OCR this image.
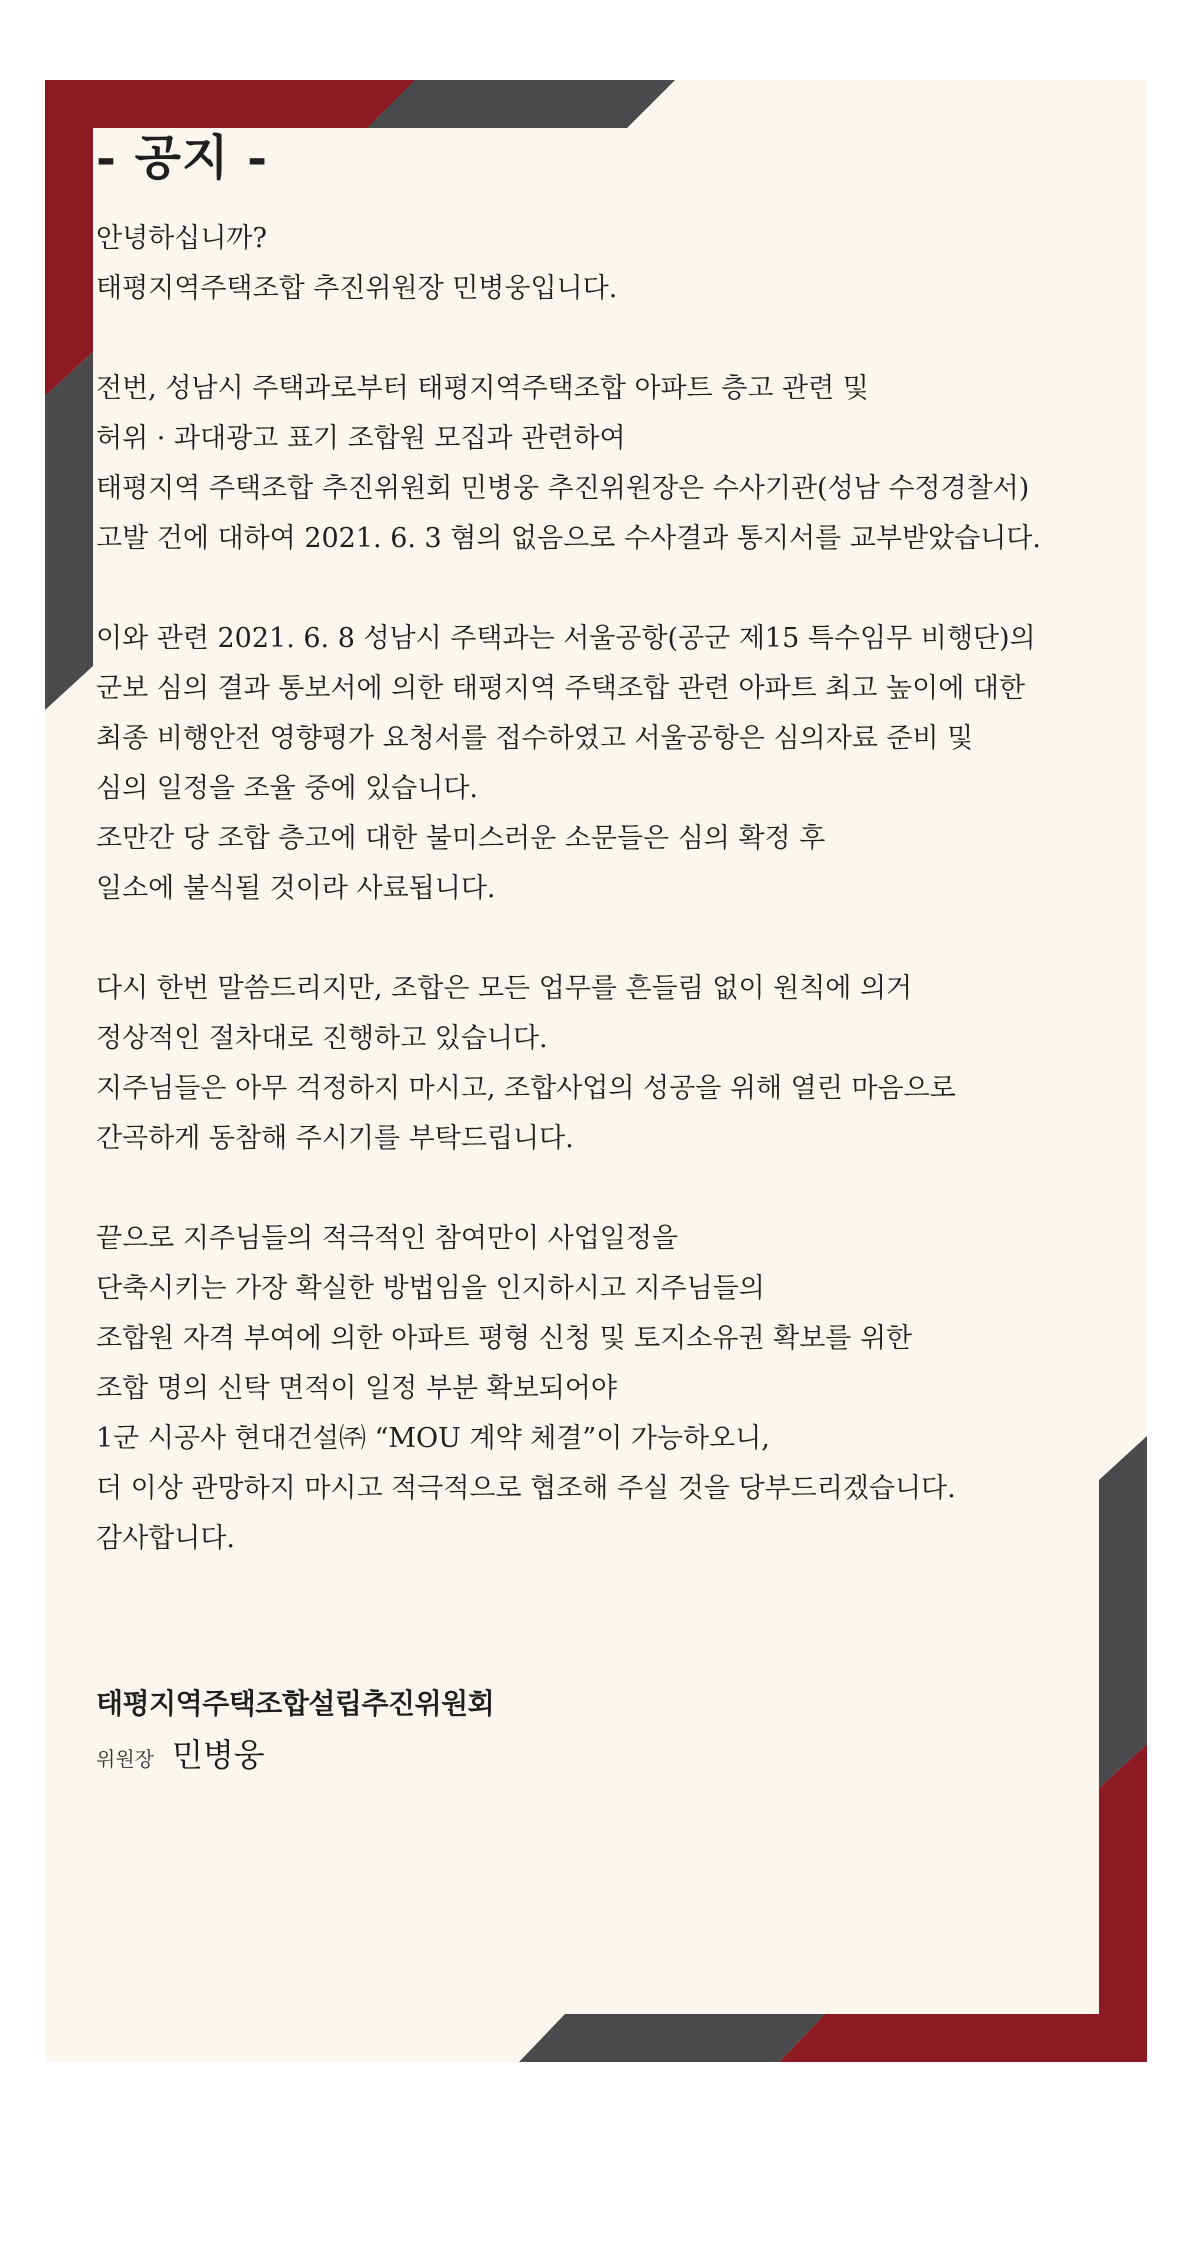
- 공지 -
안녕하십니까?
태평지역주택조합 추진위원장 민병웅입니다.
전번, 성남시 주택과로부터 태평지역주택조합 아파트 층고 관련 및
허위 · 과대광고 표기 조합원 모집과 관련하여
태평지역 주택조합 추진위원회 민병웅 추진위원장은 수사기관(성남 수정경찰서)
고발 건에 대하여 2021. 6. 3 혐의 없음으로 수사결과 통지서를 교부받았습니다.
이와 관련 2021. 6. 8 성남시 주택과는 서울공항(공군 제15 특수임무 비행단)의
군보 심의 결과 통보서에 의한 태평지역 주택조합 관련 아파트 최고 높이에 대한
최종 비행안전 영향평가 요청서를 접수하였고 서울공항은 심의자료 준비 및
심의 일정을 조율 중에 있습니다.
조만간 당 조합 층고에 대한 불미스러운 소문들은 심의 확정 후
일소에 불식될 것이라 사료됩니다.
다시 한번 말씀드리지만, 조합은 모든 업무를 흔들림 없이 원칙에 의거
정상적인 절차대로 진행하고 있습니다.
지주님들은 아무 걱정하지 마시고, 조합사업의 성공을 위해 열린 마음으로
간곡하게 동참해 주시기를 부탁드립니다.
끝으로 지주님들의 적극적인 참여만이 사업일정을
단축시키는 가장 확실한 방법임을 인지하시고 지주님들의
조합원 자격 부여에 의한 아파트 평형 신청 및 토지소유권 확보를 위한
조합 명의 신탁 면적이 일정 부분 확보되어야
1군 시공사 현대건설㈜ “MOU 계약 체결”이 가능하오니,
더 이상 관망하지 마시고 적극적으로 협조해 주실 것을 당부드리겠습니다.
감사합니다.
태평지역주택조합설립추진위원회
위원장 민병웅
